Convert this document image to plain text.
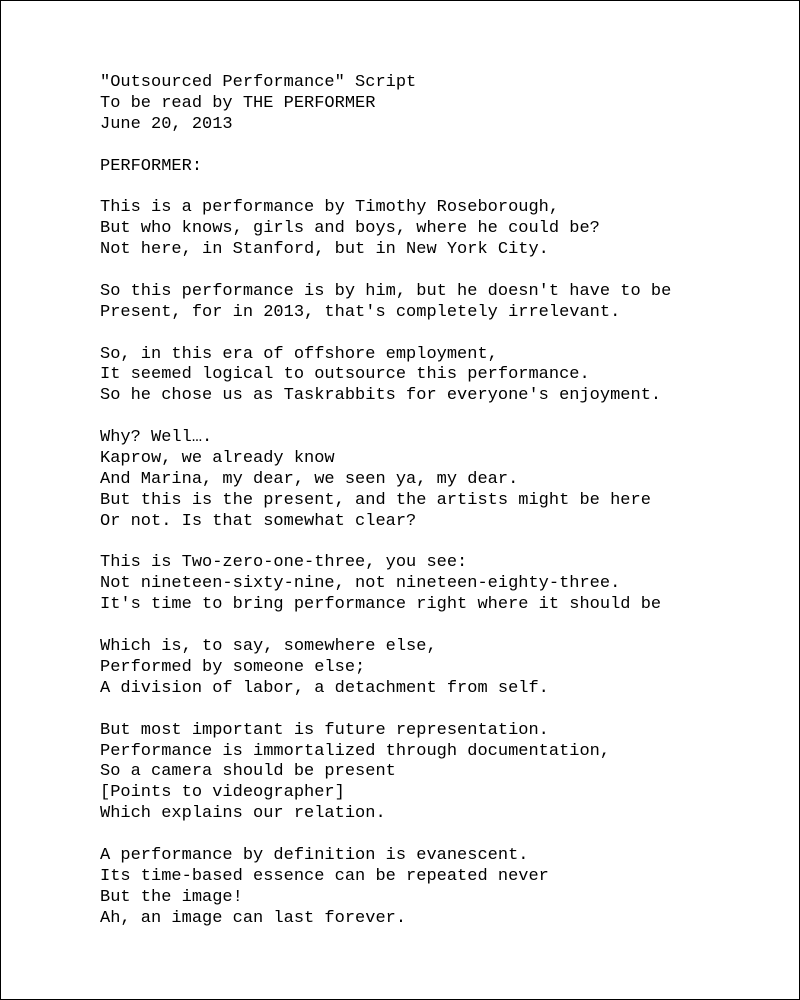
"Outsourced Performance" Script
To be read by THE PERFORMER
June 20, 2013
PERFORMER:
This is a performance by Timothy Roseborough,
But who knows, girls and boys, where he could be?
Not here, in Stanford, but in New York City.
So this performance is by him, but he doesn't have to be
Present, for in 2013, that's completely irrelevant.
So, in this era of offshore employment,
It seemed logical to outsource this performance.
So he chose us as Taskrabbits for everyone's enjoyment.
Why? Well….
Kaprow, we already know
And Marina, my dear, we seen ya, my dear.
But this is the present, and the artists might be here
Or not. Is that somewhat clear?
This is Two-zero-one-three, you see:
Not nineteen-sixty-nine, not nineteen-eighty-three.
It's time to bring performance right where it should be
Which is, to say, somewhere else,
Performed by someone else;
A division of labor, a detachment from self.
But most important is future representation.
Performance is immortalized through documentation,
So a camera should be present
[Points to videographer]
Which explains our relation.
A performance by definition is evanescent.
Its time-based essence can be repeated never
But the image!
Ah, an image can last forever.
